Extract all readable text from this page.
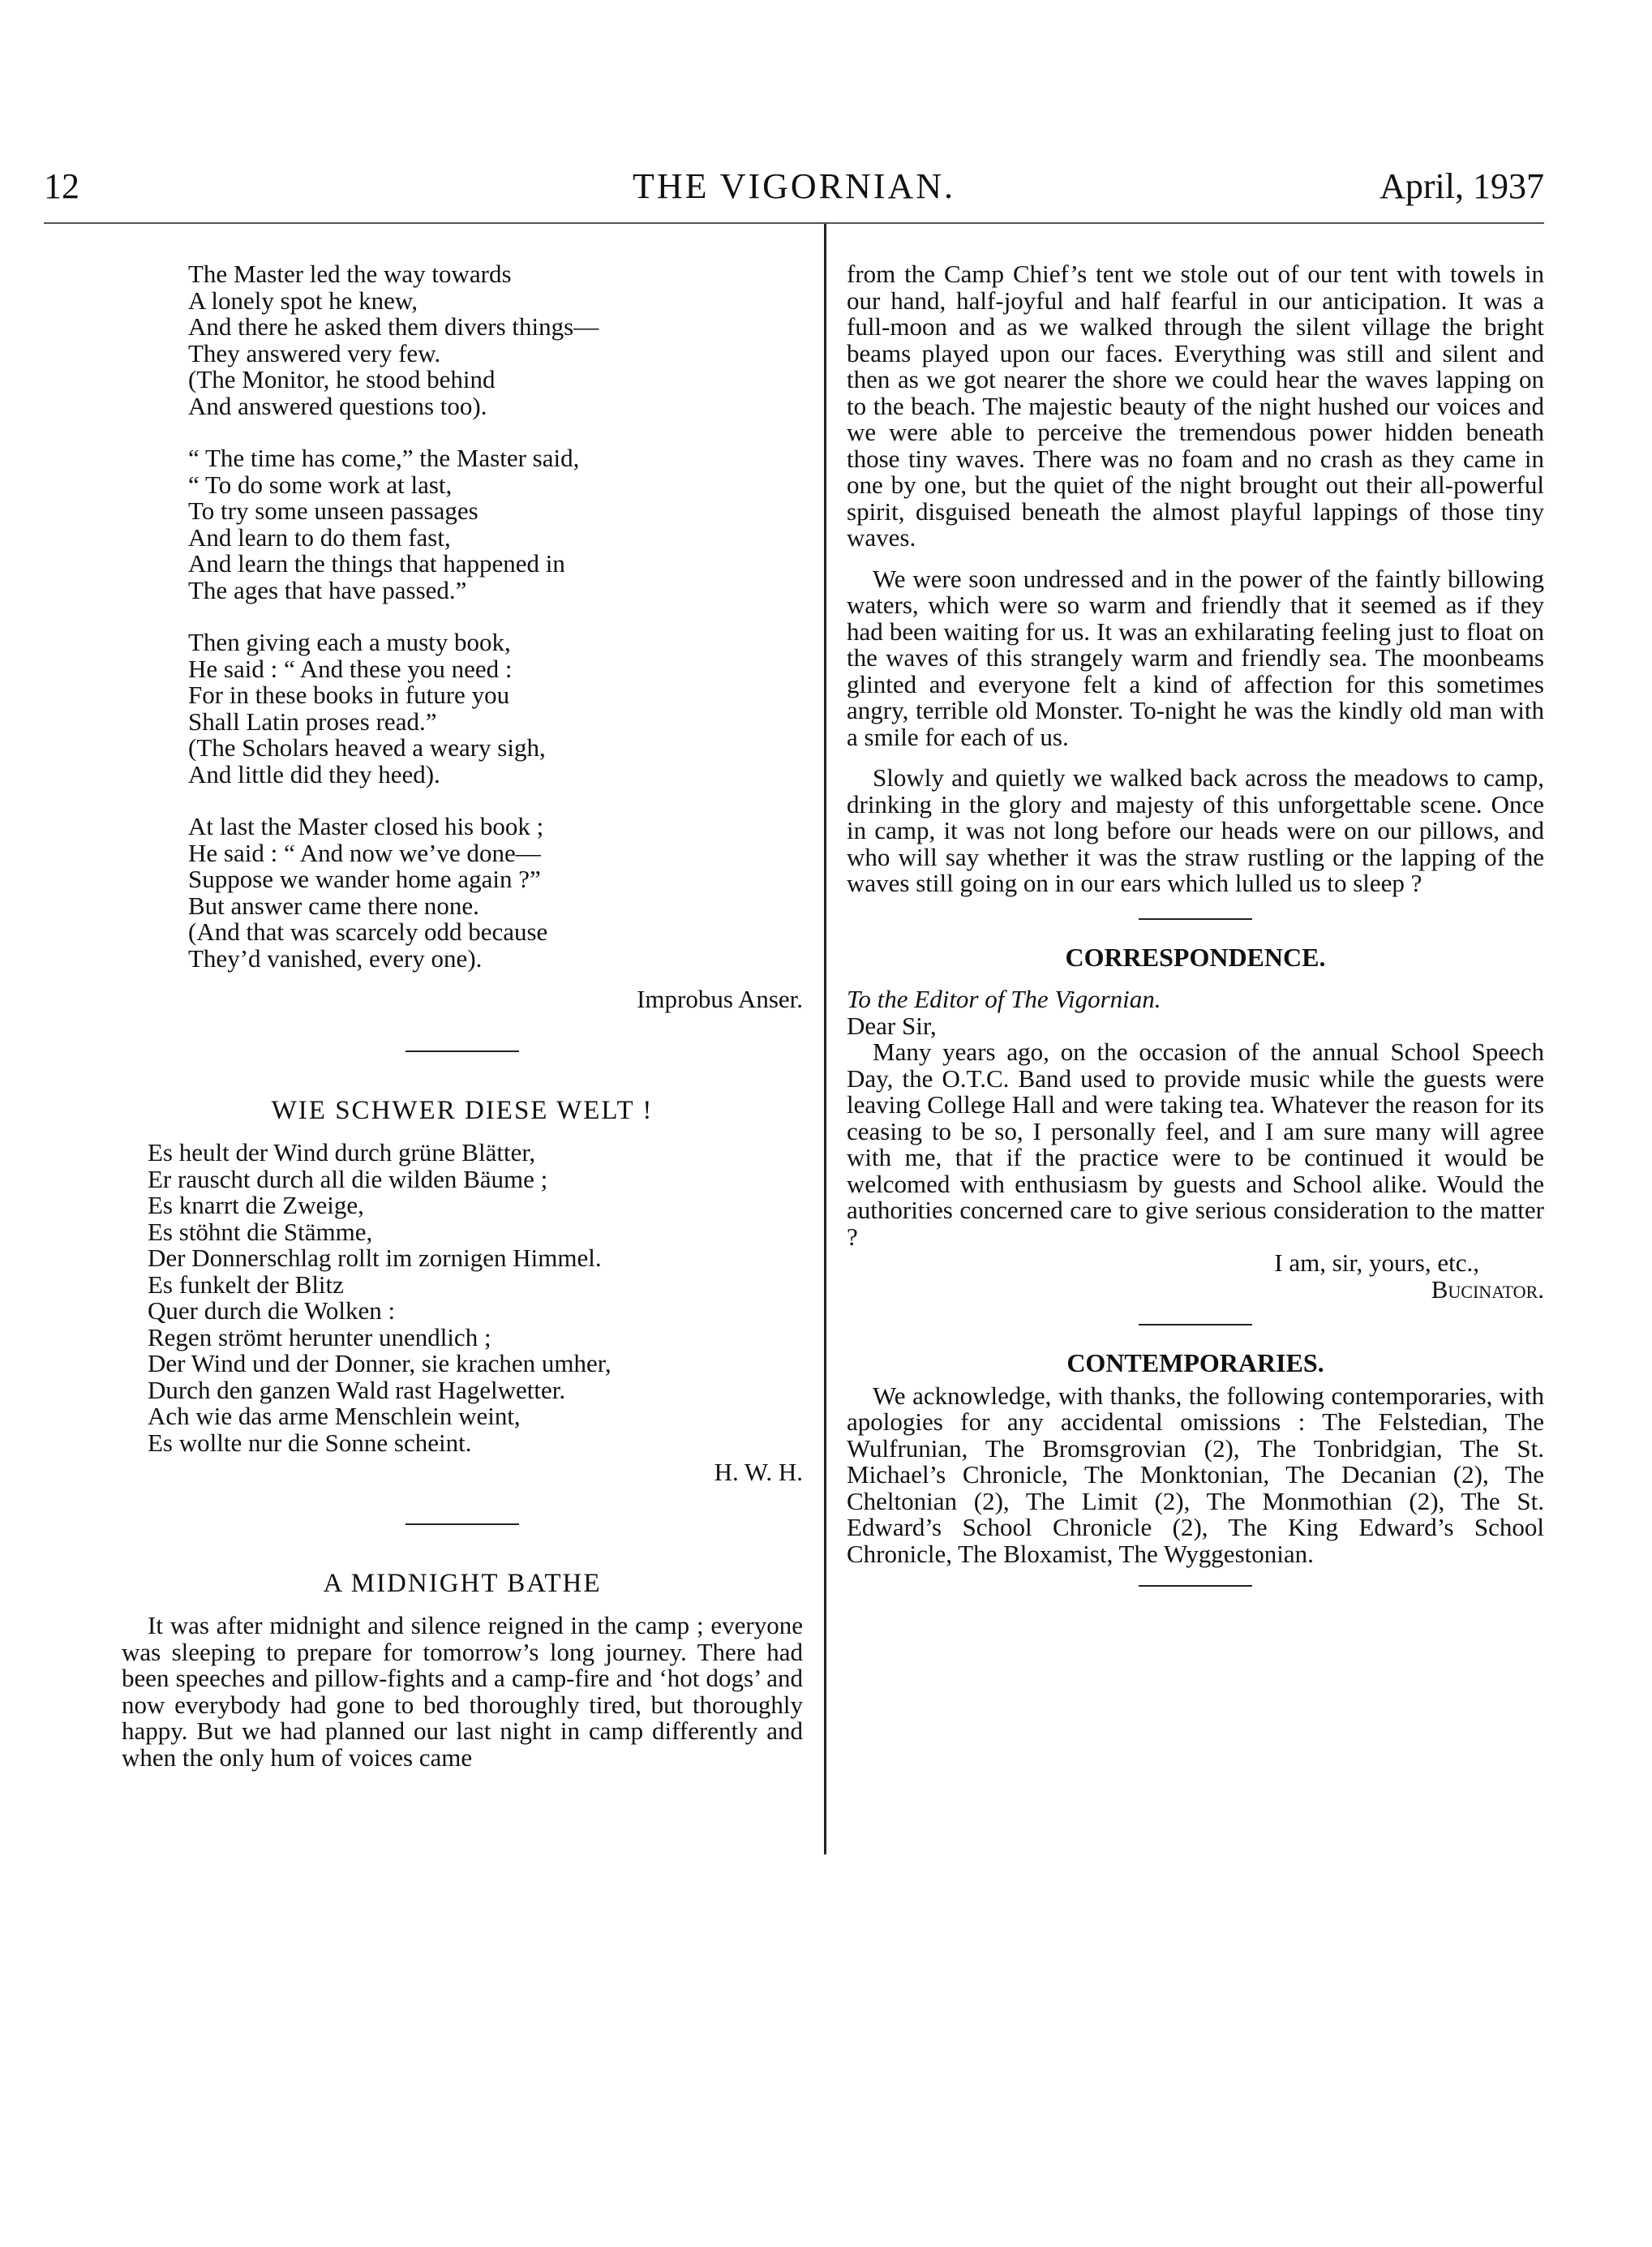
12	THE VIGORNIAN.	April, 1937
The Master led the way towards
A lonely spot he knew,
And there he asked them divers things—
They answered very few.
(The Monitor, he stood behind
And answered questions too).
“ The time has come,” the Master said,
“ To do some work at last,
To try some unseen passages
And learn to do them fast,
And learn the things that happened in
The ages that have passed.”
Then giving each a musty book,
He said : “ And these you need :
For in these books in future you
Shall Latin proses read.”
(The Scholars heaved a weary sigh,
And little did they heed).
At last the Master closed his book ;
He said : “ And now we’ve done—
Suppose we wander home again ?”
But answer came there none.
(And that was scarcely odd because
They’d vanished, every one).
Improbus Anser.
WIE SCHWER DIESE WELT !
Es heult der Wind durch grüne Blätter,
Er rauscht durch all die wilden Bäume ;
Es knarrt die Zweige,
Es stöhnt die Stämme,
Der Donnerschlag rollt im zornigen Himmel.
Es funkelt der Blitz
Quer durch die Wolken :
Regen strömt herunter unendlich ;
Der Wind und der Donner, sie krachen umher,
Durch den ganzen Wald rast Hagelwetter.
Ach wie das arme Menschlein weint,
Es wollte nur die Sonne scheint.
H. W. H.
A MIDNIGHT BATHE

It was after midnight and silence reigned in the camp ; everyone was sleeping to prepare for tomorrow’s long journey. There had been speeches and pillow-fights and a camp-fire and ‘hot dogs’ and now everybody had gone to bed thoroughly tired, but thoroughly happy. But we had planned our last night in camp differently and when the only hum of voices came

from the Camp Chief’s tent we stole out of our tent with towels in our hand, half-joyful and half fearful in our anticipation. It was a full-moon and as we walked through the silent village the bright beams played upon our faces. Everything was still and silent and then as we got nearer the shore we could hear the waves lapping on to the beach. The majestic beauty of the night hushed our voices and we were able to perceive the tremendous power hidden beneath those tiny waves. There was no foam and no crash as they came in one by one, but the quiet of the night brought out their all-powerful spirit, disguised beneath the almost playful lappings of those tiny waves.

We were soon undressed and in the power of the faintly billowing waters, which were so warm and friendly that it seemed as if they had been waiting for us. It was an exhilarating feeling just to float on the waves of this strangely warm and friendly sea. The moonbeams glinted and everyone felt a kind of affection for this sometimes angry, terrible old Monster. To-night he was the kindly old man with a smile for each of us.

Slowly and quietly we walked back across the meadows to camp, drinking in the glory and majesty of this unforgettable scene. Once in camp, it was not long before our heads were on our pillows, and who will say whether it was the straw rustling or the lapping of the waves still going on in our ears which lulled us to sleep ?

CORRESPONDENCE.
To the Editor of The Vigornian.
Dear Sir,

Many years ago, on the occasion of the annual School Speech Day, the O.T.C. Band used to provide music while the guests were leaving College Hall and were taking tea. Whatever the reason for its ceasing to be so, I personally feel, and I am sure many will agree with me, that if the practice were to be continued it would be welcomed with enthusiasm by guests and School alike. Would the authorities concerned care to give serious consideration to the matter ?

I am, sir, yours, etc.,
Bucinator.
CONTEMPORARIES.

We acknowledge, with thanks, the following contemporaries, with apologies for any accidental omissions : The Felstedian, The Wulfrunian, The Bromsgrovian (2), The Tonbridgian, The St. Michael’s Chronicle, The Monktonian, The Decanian (2), The Cheltonian (2), The Limit (2), The Monmothian (2), The St. Edward’s School Chronicle (2), The King Edward’s School Chronicle, The Bloxamist, The Wyggestonian.
